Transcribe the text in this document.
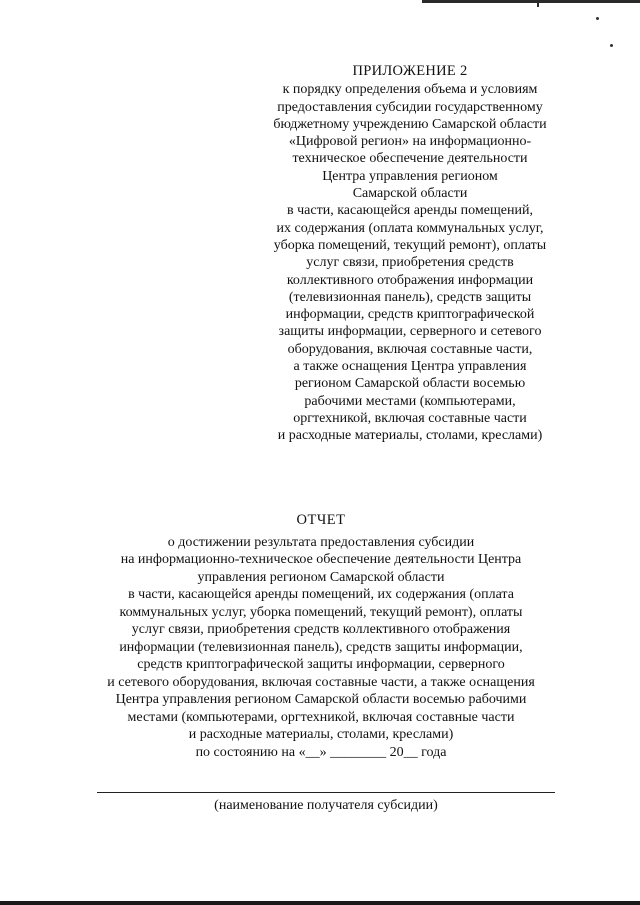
ПРИЛОЖЕНИЕ 2
к порядку определения объема и условиям
предоставления субсидии государственному
бюджетному учреждению Самарской области
«Цифровой регион» на информационно-
техническое обеспечение деятельности
Центра управления регионом
Самарской области
в части, касающейся аренды помещений,
их содержания (оплата коммунальных услуг,
уборка помещений, текущий ремонт), оплаты
услуг связи, приобретения средств
коллективного отображения информации
(телевизионная панель), средств защиты
информации, средств криптографической
защиты информации, серверного и сетевого
оборудования, включая составные части,
а также оснащения Центра управления
регионом Самарской области восемью
рабочими местами (компьютерами,
оргтехникой, включая составные части
и расходные материалы, столами, креслами)
ОТЧЕТ
о достижении результата предоставления субсидии
на информационно-техническое обеспечение деятельности Центра
управления регионом Самарской области
в части, касающейся аренды помещений, их содержания (оплата
коммунальных услуг, уборка помещений, текущий ремонт), оплаты
услуг связи, приобретения средств коллективного отображения
информации (телевизионная панель), средств защиты информации,
средств криптографической защиты информации, серверного
и сетевого оборудования, включая составные части, а также оснащения
Центра управления регионом Самарской области восемью рабочими
местами (компьютерами, оргтехникой, включая составные части
и расходные материалы, столами, креслами)
по состоянию на «__» ________ 20__ года
(наименование получателя субсидии)
